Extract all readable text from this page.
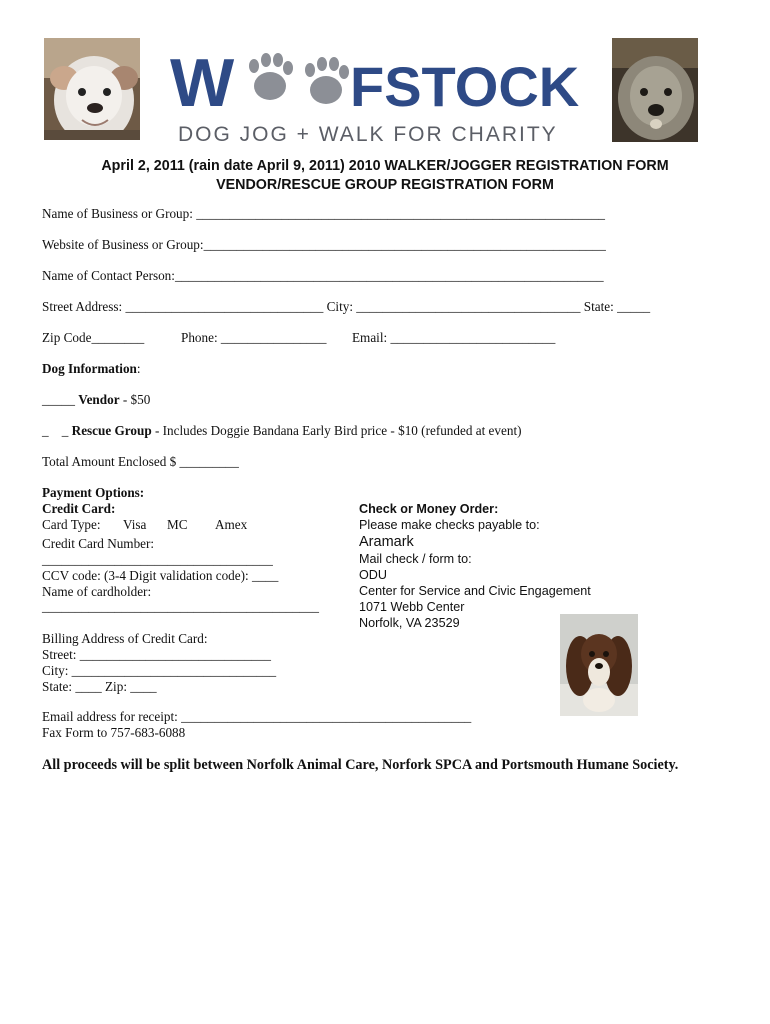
W FSTOCK
DOG JOG + WALK FOR CHARITY
April 2, 2011 (rain date April 9, 2011) 2010 WALKER/JOGGER REGISTRATION FORM
VENDOR/RESCUE GROUP REGISTRATION FORM
Name of Business or Group: ______________________________________________________________
Website of Business or Group:_____________________________________________________________
Name of Contact Person:_________________________________________________________________
Street Address: ______________________________ City: __________________________________ State: _____
Zip Code________	Phone: ________________ Email: _________________________
Dog Information:
_____ Vendor - $50
_    _ Rescue Group - Includes Doggie Bandana Early Bird price - $10 (refunded at event)
Total Amount Enclosed $ _________
Payment Options:
Credit Card:
Card Type: Visa MC Amex
Credit Card Number:
___________________________________
CCV code: (3-4 Digit validation code): ____
Name of cardholder:
__________________________________________
Billing Address of Credit Card:
Street: _____________________________
City: _______________________________
State: ____ Zip: ____
Email address for receipt: ____________________________________________
Fax Form to 757-683-6088
Check or Money Order:
Please make checks payable to:
Aramark
Mail check / form to:
ODU
Center for Service and Civic Engagement
1071 Webb Center
Norfolk, VA 23529
All proceeds will be split between Norfolk Animal Care, Norfork SPCA and Portsmouth Humane Society.
